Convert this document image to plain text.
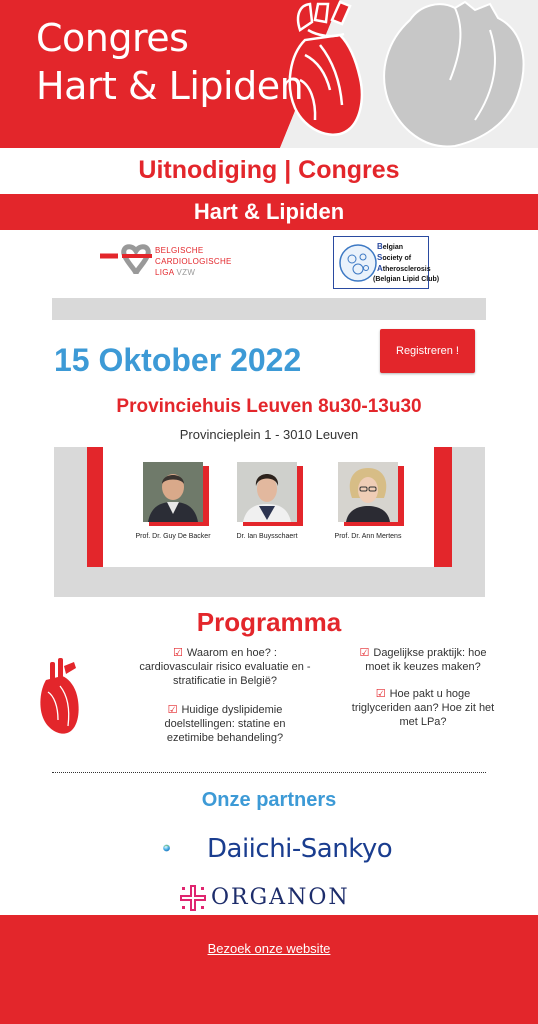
Congres
Hart & Lipiden
Uitnodiging | Congres
Hart & Lipiden
BELGISCHE
CARDIOLOGISCHE
LIGA VZW
Belgian
Society of
Atherosclerosis
(Belgian Lipid Club)
15 Oktober 2022	Registreren !
Provinciehuis Leuven 8u30-13u30
Provincieplein 1 - 3010 Leuven
Prof. Dr. Guy De Backer	Dr. Ian Buysschaert	Prof. Dr. Ann Mertens
Programma
☑ Waarom en hoe? : cardiovasculair risico evaluatie en - stratificatie in België?
☑ Huidige dyslipidemie doelstellingen: statine en ezetimibe behandeling?
☑ Dagelijkse praktijk: hoe moet ik keuzes maken?
☑ Hoe pakt u hoge triglyceriden aan? Hoe zit het met LPa?
Onze partners
Daiichi-Sankyo
ORGANON
Bezoek onze website
